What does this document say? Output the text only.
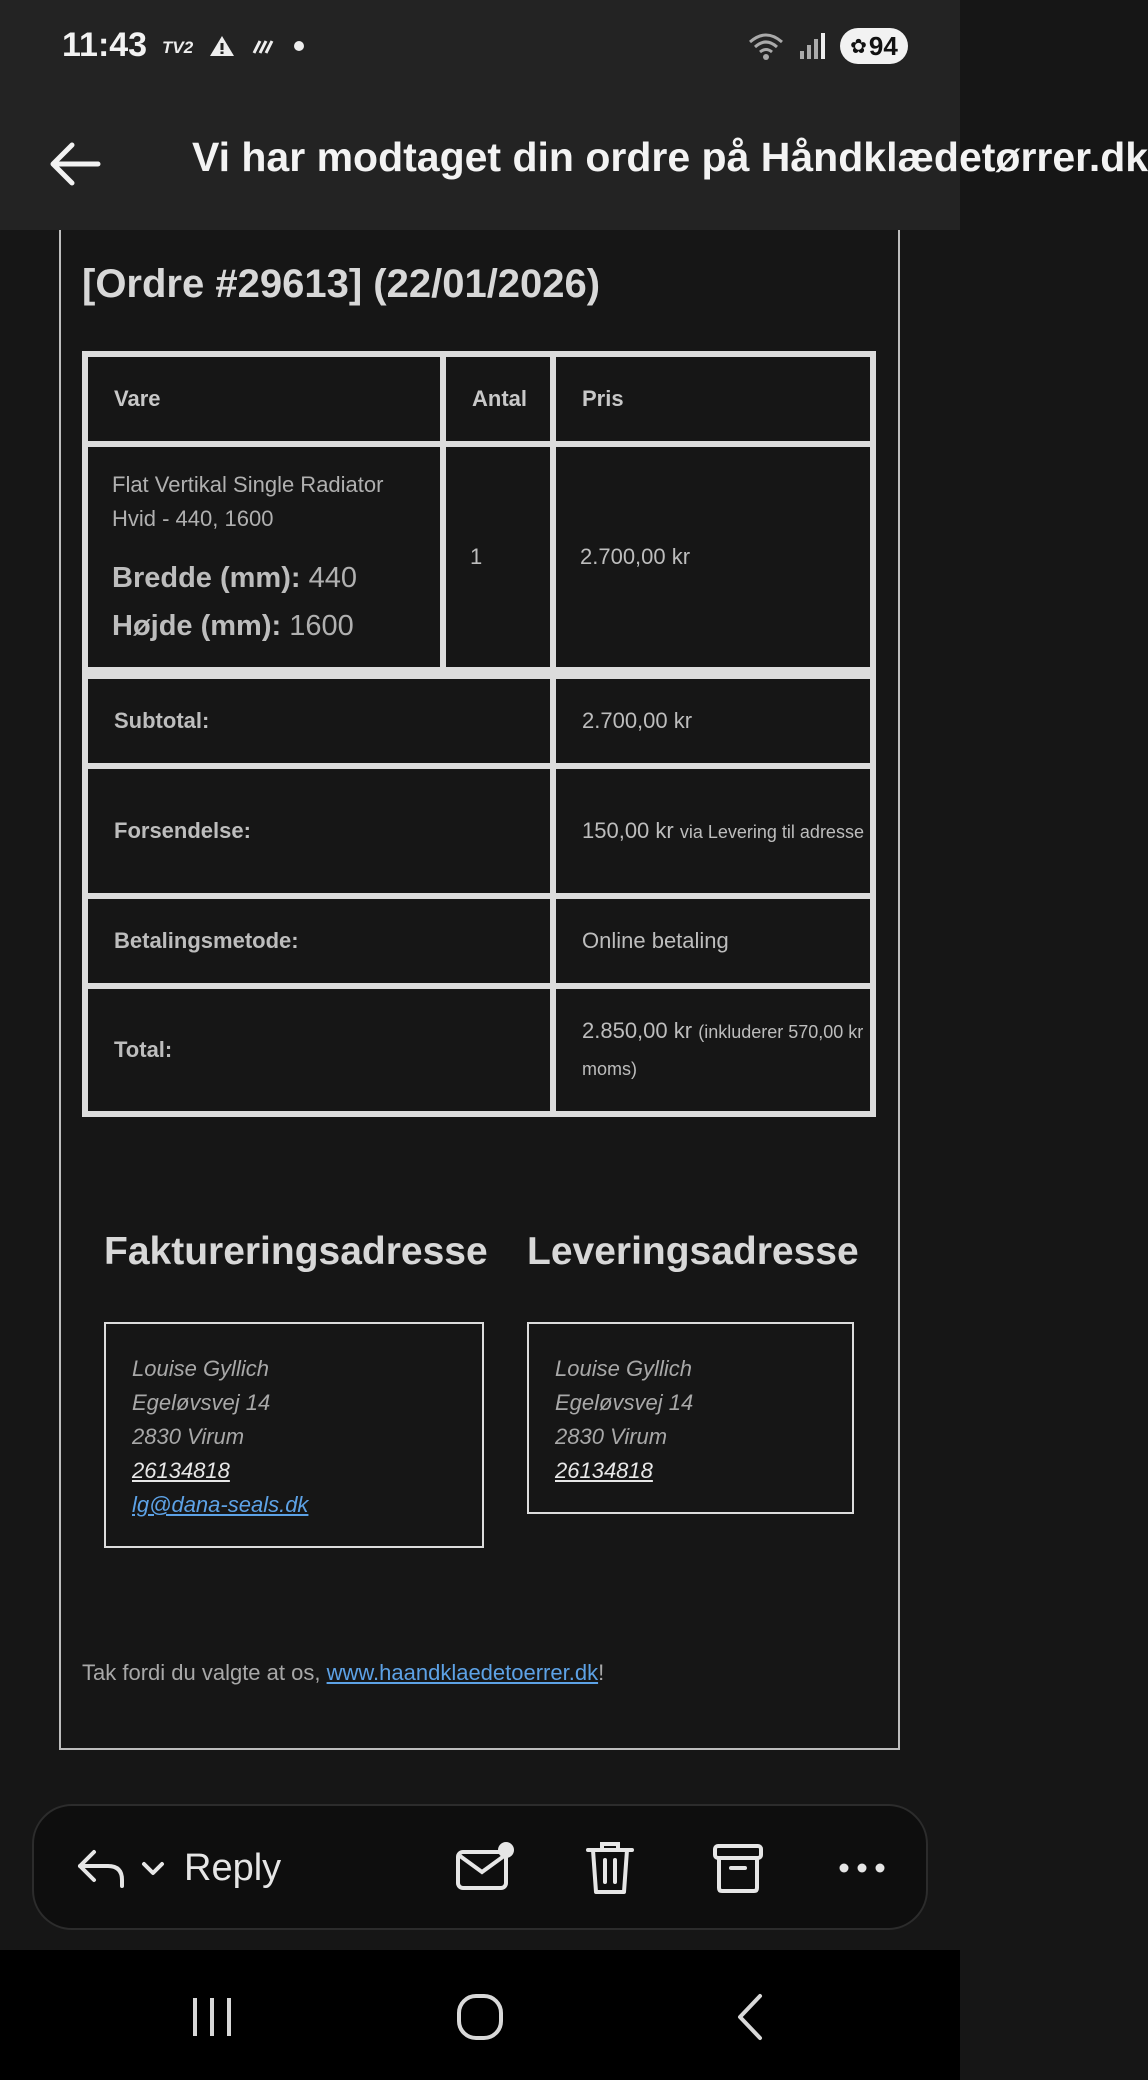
11:43 TV2	✿ 94
Vi har modtaget din ordre på Håndklædetørrer.dk
[Ordre #29613] (22/01/2026)
Vare	Antal	Pris

Flat Vertikal Single Radiator Hvid - 440, 1600
Bredde (mm): 440
Højde (mm): 1600	1	2.700,00 kr

Subtotal:		2.700,00 kr
Forsendelse:		150,00 kr via Levering til adresse
Betalingsmetode:		Online betaling
Total:		2.850,00 kr (inkluderer 570,00 kr moms)
Faktureringsadresse Leveringsadresse
Louise Gyllich
Egeløvsvej 14
2830 Virum
26134818
lg@dana-seals.dk
Louise Gyllich
Egeløvsvej 14
2830 Virum
26134818
Tak fordi du valgte at os, www.haandklaedetoerrer.dk!
Reply
